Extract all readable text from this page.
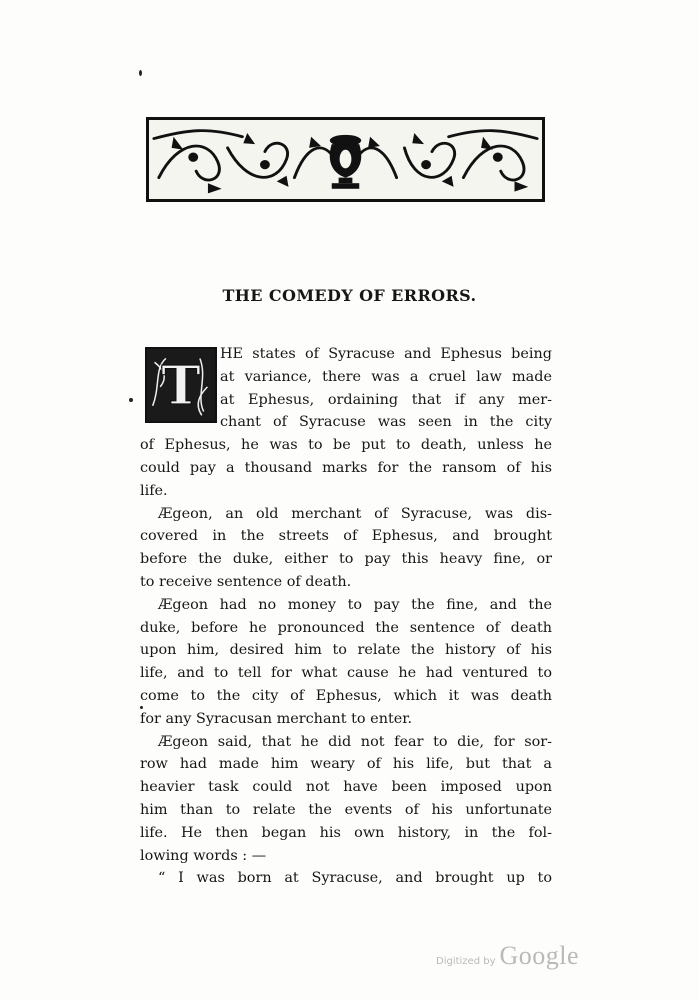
THE COMEDY OF ERRORS.
T

HE states of Syracuse and Ephesus being
at variance, there was a cruel law made
at Ephesus, ordaining that if any mer-
chant of Syracuse was seen in the city
of Ephesus, he was to be put to death, unless he
could pay a thousand marks for the ransom of his
life.

Ægeon, an old merchant of Syracuse, was dis-
covered in the streets of Ephesus, and brought
before the duke, either to pay this heavy fine, or
to receive sentence of death.

Ægeon had no money to pay the fine, and the
duke, before he pronounced the sentence of death
upon him, desired him to relate the history of his
life, and to tell for what cause he had ventured to
come to the city of Ephesus, which it was death
for any Syracusan merchant to enter.

Ægeon said, that he did not fear to die, for sor-
row had made him weary of his life, but that a
heavier task could not have been imposed upon
him than to relate the events of his unfortunate
life. He then began his own history, in the fol-
lowing words : —

“ I was born at Syracuse, and brought up to

Digitized by Google
